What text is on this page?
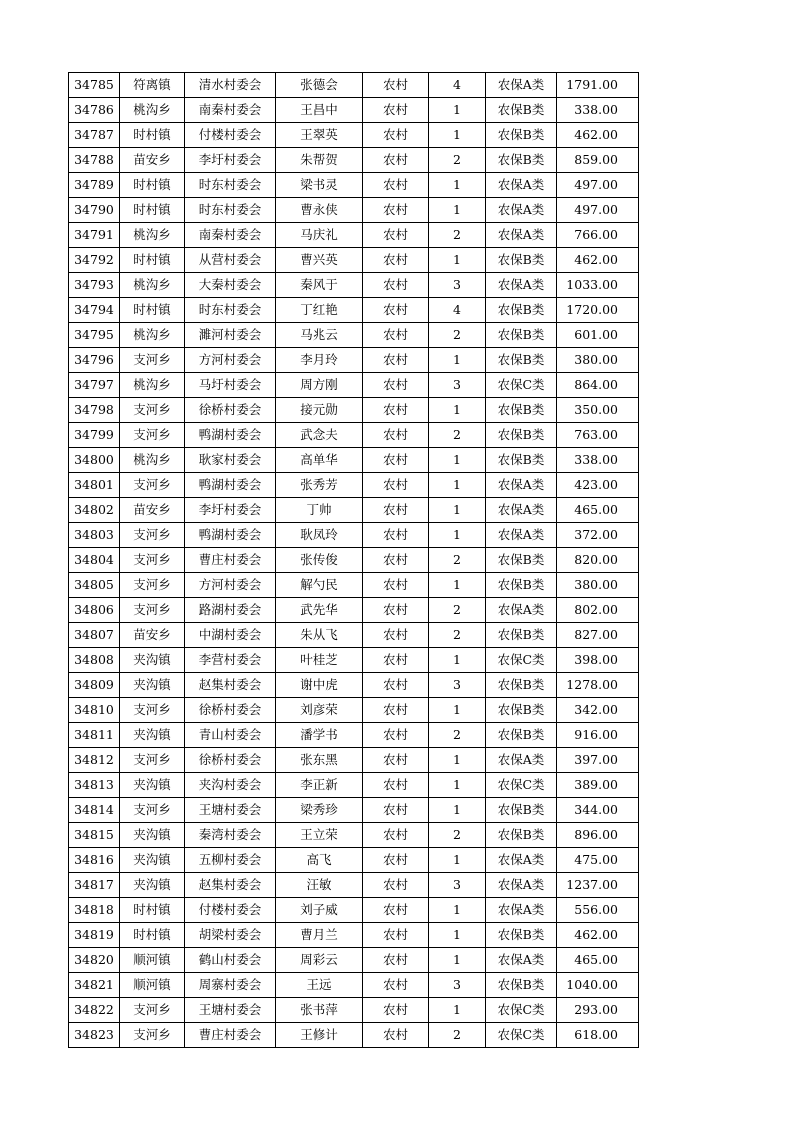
34785	符离镇	清水村委会	张德会	农村	4	农保A类	1791.00
34786	桃沟乡	南秦村委会	王昌中	农村	1	农保B类	338.00
34787	时村镇	付楼村委会	王翠英	农村	1	农保B类	462.00
34788	苗安乡	李圩村委会	朱帮贺	农村	2	农保B类	859.00
34789	时村镇	时东村委会	梁书灵	农村	1	农保A类	497.00
34790	时村镇	时东村委会	曹永侠	农村	1	农保A类	497.00
34791	桃沟乡	南秦村委会	马庆礼	农村	2	农保A类	766.00
34792	时村镇	从营村委会	曹兴英	农村	1	农保B类	462.00
34793	桃沟乡	大秦村委会	秦风于	农村	3	农保A类	1033.00
34794	时村镇	时东村委会	丁红艳	农村	4	农保B类	1720.00
34795	桃沟乡	濉河村委会	马兆云	农村	2	农保B类	601.00
34796	支河乡	方河村委会	李月玲	农村	1	农保B类	380.00
34797	桃沟乡	马圩村委会	周方刚	农村	3	农保C类	864.00
34798	支河乡	徐桥村委会	接元勋	农村	1	农保B类	350.00
34799	支河乡	鸭湖村委会	武念夫	农村	2	农保B类	763.00
34800	桃沟乡	耿家村委会	高单华	农村	1	农保B类	338.00
34801	支河乡	鸭湖村委会	张秀芳	农村	1	农保A类	423.00
34802	苗安乡	李圩村委会	丁帅	农村	1	农保A类	465.00
34803	支河乡	鸭湖村委会	耿凤玲	农村	1	农保A类	372.00
34804	支河乡	曹庄村委会	张传俊	农村	2	农保B类	820.00
34805	支河乡	方河村委会	解勺民	农村	1	农保B类	380.00
34806	支河乡	路湖村委会	武先华	农村	2	农保A类	802.00
34807	苗安乡	中湖村委会	朱从飞	农村	2	农保B类	827.00
34808	夹沟镇	李营村委会	叶桂芝	农村	1	农保C类	398.00
34809	夹沟镇	赵集村委会	谢中虎	农村	3	农保B类	1278.00
34810	支河乡	徐桥村委会	刘彦荣	农村	1	农保B类	342.00
34811	夹沟镇	青山村委会	潘学书	农村	2	农保B类	916.00
34812	支河乡	徐桥村委会	张东黑	农村	1	农保A类	397.00
34813	夹沟镇	夹沟村委会	李正新	农村	1	农保C类	389.00
34814	支河乡	王塘村委会	梁秀珍	农村	1	农保B类	344.00
34815	夹沟镇	秦湾村委会	王立荣	农村	2	农保B类	896.00
34816	夹沟镇	五柳村委会	高飞	农村	1	农保A类	475.00
34817	夹沟镇	赵集村委会	汪敏	农村	3	农保A类	1237.00
34818	时村镇	付楼村委会	刘子威	农村	1	农保A类	556.00
34819	时村镇	胡梁村委会	曹月兰	农村	1	农保B类	462.00
34820	顺河镇	鹤山村委会	周彩云	农村	1	农保A类	465.00
34821	顺河镇	周寨村委会	王远	农村	3	农保B类	1040.00
34822	支河乡	王塘村委会	张书萍	农村	1	农保C类	293.00
34823	支河乡	曹庄村委会	王修计	农村	2	农保C类	618.00
